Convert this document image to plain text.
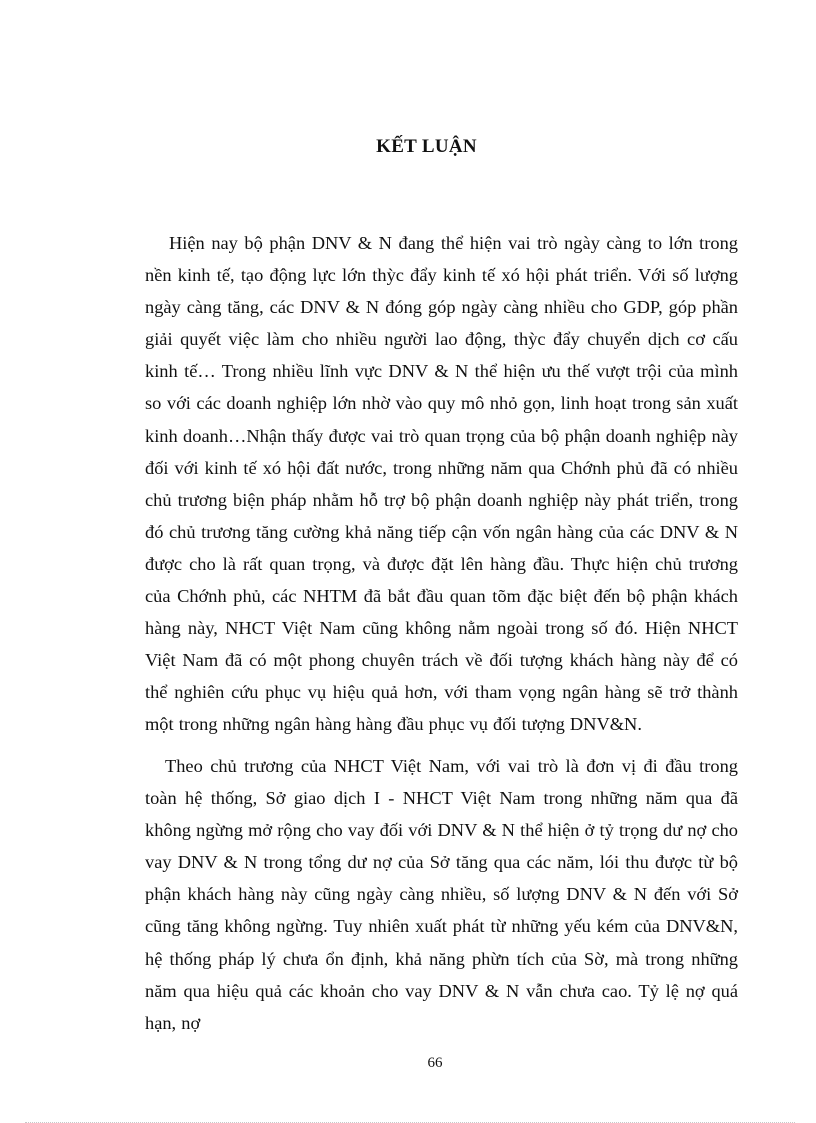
KẾT LUẬN

Hiện nay bộ phận DNV & N đang thể hiện vai trò ngày càng to lớn trong nền kinh tế, tạo động lực lớn thỳc đẩy kinh tế xó hội phát triển. Với số lượng ngày càng tăng, các DNV & N đóng góp ngày càng nhiều cho GDP, góp phần giải quyết việc làm cho nhiều người lao động, thỳc đẩy chuyển dịch cơ cấu kinh tế… Trong nhiều lĩnh vực DNV & N thể hiện ưu thế vượt trội của mình so với các doanh nghiệp lớn nhờ vào quy mô nhỏ gọn, linh hoạt trong sản xuất kinh doanh…Nhận thấy được vai trò quan trọng của bộ phận doanh nghiệp này đối với kinh tế xó hội đất nước, trong những năm qua Chớnh phủ đã có nhiều chủ trương biện pháp nhằm hỗ trợ bộ phận doanh nghiệp này phát triển, trong đó chủ trương tăng cường khả năng tiếp cận vốn ngân hàng của các DNV & N được cho là rất quan trọng, và được đặt lên hàng đầu. Thực hiện chủ trương của Chớnh phủ, các NHTM đã bắt đầu quan tõm đặc biệt đến bộ phận khách hàng này, NHCT Việt Nam cũng không nằm ngoài trong số đó. Hiện NHCT Việt Nam đã có một phong chuyên trách về đối tượng khách hàng này để có thể nghiên cứu phục vụ hiệu quả hơn, với tham vọng ngân hàng sẽ trở thành một trong những ngân hàng hàng đầu phục vụ đối tượng DNV&N.

Theo chủ trương của NHCT Việt Nam, với vai trò là đơn vị đi đầu trong toàn hệ thống, Sở giao dịch I - NHCT Việt Nam trong những năm qua đã không ngừng mở rộng cho vay đối với DNV & N thể hiện ở tỷ trọng dư nợ cho vay DNV & N trong tổng dư nợ của Sở tăng qua các năm, lói thu được từ bộ phận khách hàng này cũng ngày càng nhiều, số lượng DNV & N đến với Sở cũng tăng không ngừng. Tuy nhiên xuất phát từ những yếu kém của DNV&N, hệ thống pháp lý chưa ổn định, khả năng phừn tích của Sờ, mà trong những năm qua hiệu quả các khoản cho vay DNV & N vẫn chưa cao. Tỷ lệ nợ quá hạn, nợ

66
